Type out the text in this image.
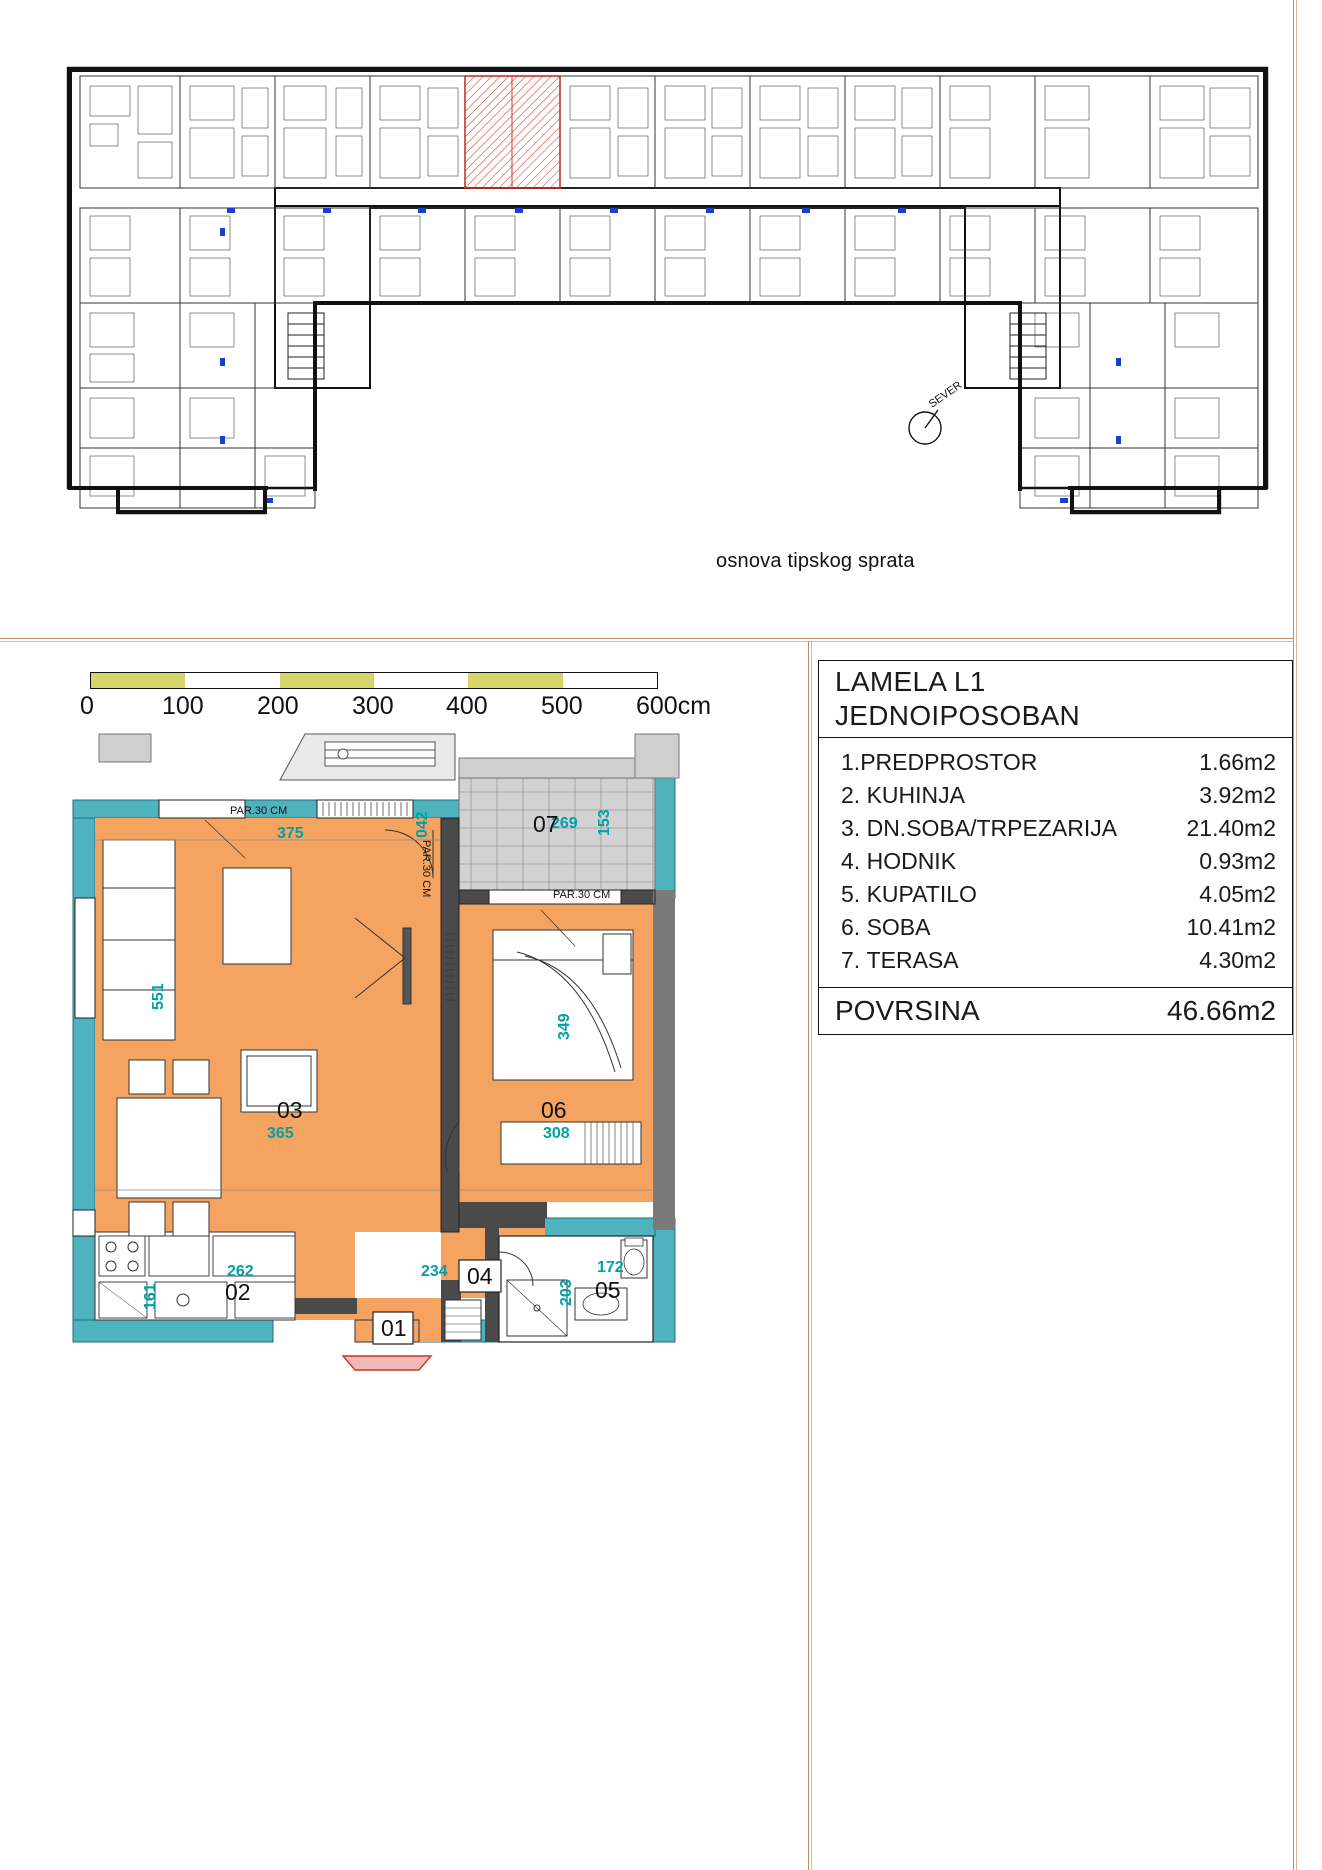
SEVER
osnova tipskog sprata
0	100 200 300 400 500 600cm
LAMELA L1
JEDNOIPOSOBAN
1.PREDPROSTOR	1.66m2
2. KUHINJA	3.92m2
3. DN.SOBA/TRPEZARIJA	21.40m2
4. HODNIK	0.93m2
5. KUPATILO	4.05m2
6. SOBA	10.41m2
7. TERASA	4.30m2
POVRSINA	46.66m2
PAR.30 CM
PAR.30 CM	PAR.30 CM
375
551
365
262
161
234
203
172
308
349
269 153
042
01
02
03
04
05
06
07
